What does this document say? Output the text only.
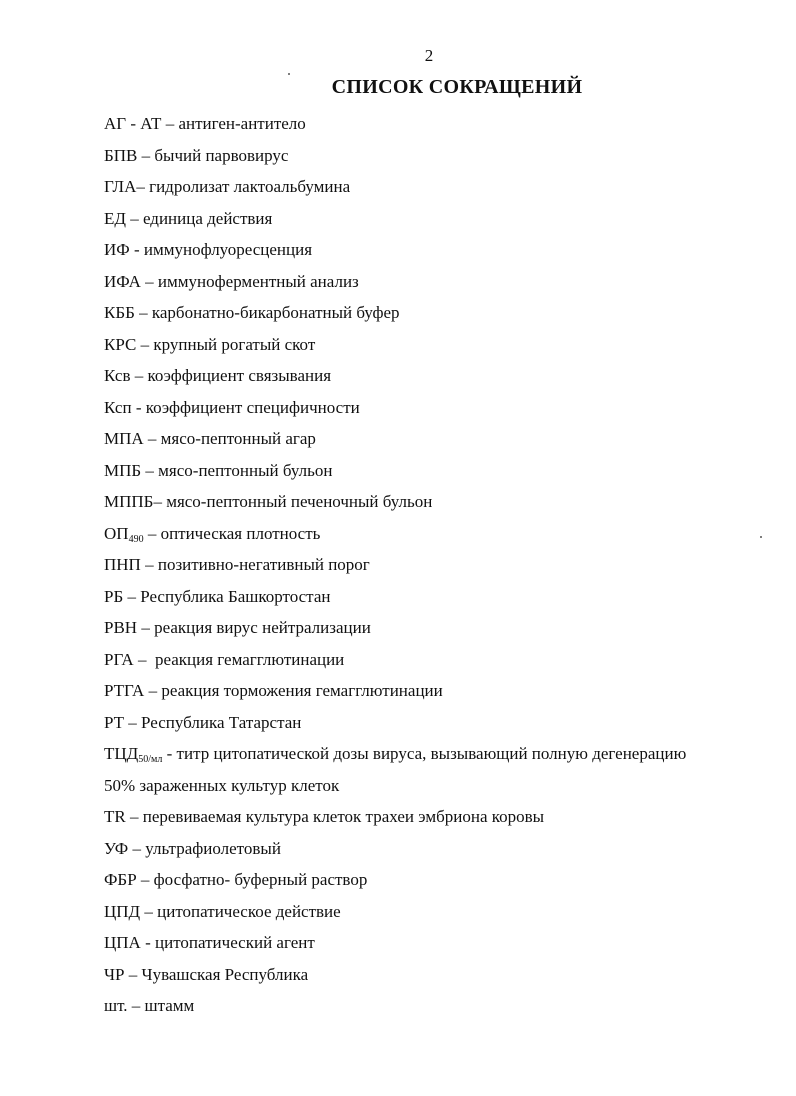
2
СПИСОК СОКРАЩЕНИЙ
АГ - АТ – антиген-антитело
БПВ – бычий парвовирус
ГЛА– гидролизат лактоальбумина
ЕД – единица действия
ИФ - иммунофлуоресценция
ИФА – иммуноферментный анализ
КББ – карбонатно-бикарбонатный буфер
КРС – крупный рогатый скот
Ксв – коэффициент связывания
Ксп - коэффициент специфичности
МПА – мясо-пептонный агар
МПБ – мясо-пептонный бульон
МППБ– мясо-пептонный печеночный бульон
$ОП_{490}$ – оптическая плотность
ПНП – позитивно-негативный порог
РБ – Республика Башкортостан
РВН – реакция вирус нейтрализации
РГА –  реакция гемагглютинации
РТГА – реакция торможения гемагглютинации
РТ – Республика Татарстан
$ТЦД_{50/мл}$ - титр цитопатической дозы вируса, вызывающий полную дегенерацию
50% зараженных культур клеток
TR – перевиваемая культура клеток трахеи эмбриона коровы
УФ – ультрафиолетовый
ФБР – фосфатно- буферный раствор
ЦПД – цитопатическое действие
ЦПА - цитопатический агент
ЧР – Чувашская Республика
шт. – штамм
